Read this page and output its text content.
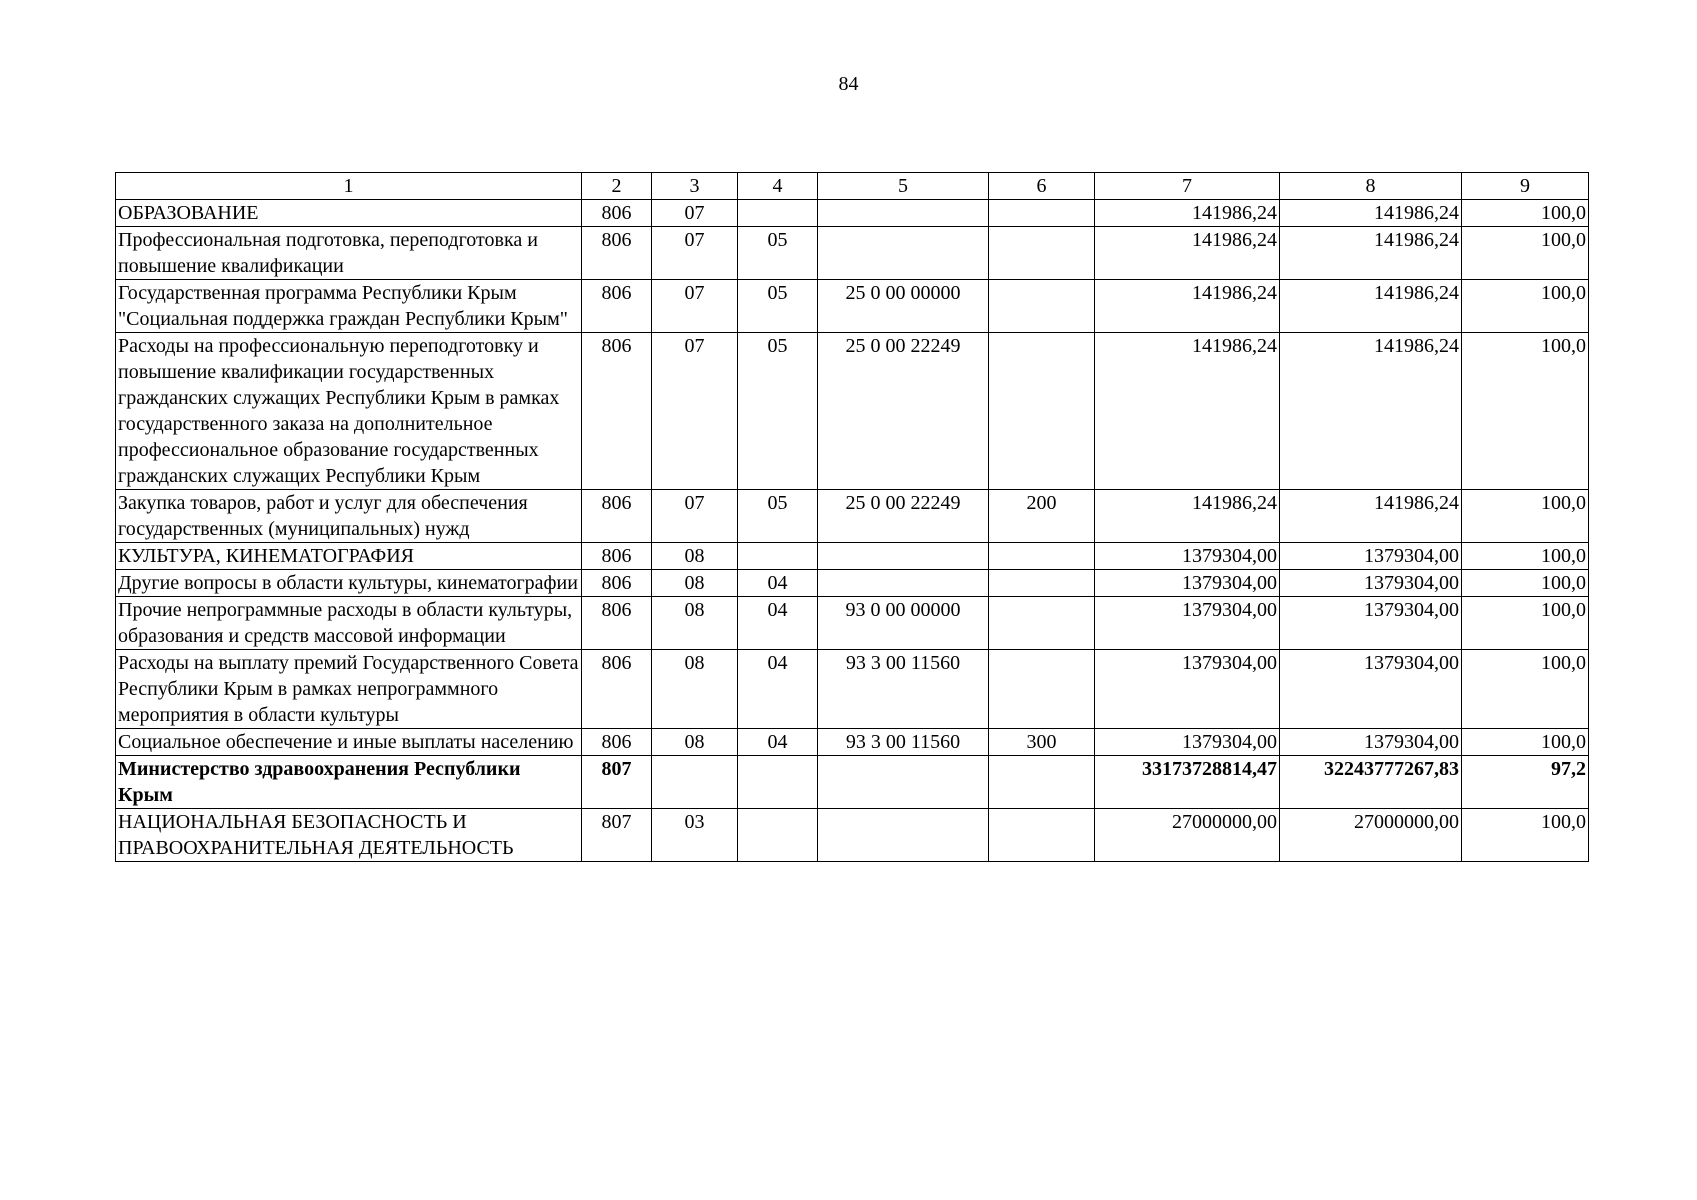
84
1	2	3	4	5	6	7	8	9
ОБРАЗОВАНИЕ	806	07				141986,24	141986,24	100,0
Профессиональная подготовка, переподготовка и повышение квалификации	806	07	05			141986,24	141986,24	100,0
Государственная программа Республики Крым "Социальная поддержка граждан Республики Крым"	806	07	05	25 0 00 00000		141986,24	141986,24	100,0
Расходы на профессиональную переподготовку и повышение квалификации государственных гражданских служащих Республики Крым в рамках государственного заказа на дополнительное профессиональное образование государственных гражданских служащих Республики Крым	806	07	05	25 0 00 22249		141986,24	141986,24	100,0
Закупка товаров, работ и услуг для обеспечения государственных (муниципальных) нужд	806	07	05	25 0 00 22249	200	141986,24	141986,24	100,0
КУЛЬТУРА, КИНЕМАТОГРАФИЯ	806	08				1379304,00	1379304,00	100,0
Другие вопросы в области культуры, кинематографии	806	08	04			1379304,00	1379304,00	100,0
Прочие непрограммные расходы в области культуры, образования и средств массовой информации	806	08	04	93 0 00 00000		1379304,00	1379304,00	100,0
Расходы на выплату премий Государственного Совета Республики Крым в рамках непрограммного мероприятия в области культуры	806	08	04	93 3 00 11560		1379304,00	1379304,00	100,0
Социальное обеспечение и иные выплаты населению	806	08	04	93 3 00 11560	300	1379304,00	1379304,00	100,0
Министерство здравоохранения Республики Крым	807					33173728814,47	32243777267,83	97,2
НАЦИОНАЛЬНАЯ БЕЗОПАСНОСТЬ И ПРАВООХРАНИТЕЛЬНАЯ ДЕЯТЕЛЬНОСТЬ	807	03				27000000,00	27000000,00	100,0
